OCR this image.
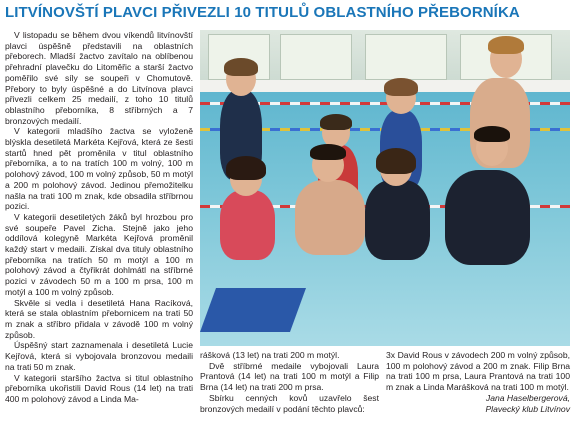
LITVÍNOVŠTÍ PLAVCI PŘIVEZLI 10 TITULŮ OBLASTNÍHO PŘEBORNÍKA

V listopadu se během dvou víkendů litvínovští plavci úspěšně představili na oblastních přeborech. Mladší žactvo zavítalo na oblíbenou přehradní plavečku do Litoměřic a starší žactvo poměřilo své síly se soupeři v Chomutově. Přebory to byly úspěšné a do Litvínova plavci přivezli celkem 25 medailí, z toho 10 titulů oblastního přeborníka, 8 stříbrných a 7 bronzových medailí.

V kategorii mladšího žactva se vyloženě blýskla desetiletá Markéta Kejřová, která ze šesti startů hned pět proměnila v titul oblastního přeborníka, a to na tratích 100 m volný, 100 m polohový závod, 100 m volný způsob, 50 m motýl a 200 m polohový závod. Jedinou přemožitelku našla na trati 100 m znak, kde obsadila stříbrnou pozici.

V kategorii desetiletých žáků byl hrozbou pro své soupeře Pavel Zicha. Stejně jako jeho oddílová kolegyně Markéta Kejřová proměnil každý start v medaili. Získal dva tituly oblastního přeborníka na tratích 50 m motýl a 100 m polohový závod a čtyřikrát dohlmátl na stříbrné pozici v závodech 50 m a 100 m prsa, 100 m motýl a 100 m volný způsob.

Skvěle si vedla i desetiletá Hana Racíková, která se stala oblastním přebornicem na trati 50 m znak a stříbro přidala v závodě 100 m volný způsob.

Úspěšný start zaznamenala i desetiletá Lucie Kejřová, která si vybojovala bronzovou medaili na trati 50 m znak.

V kategorii staršího žactva si titul oblastního přeborníka ukořistili David Rous (14 let) na trati 400 m polohový závod a Linda Ma-

rášková (13 let) na trati 200 m motýl.

Dvě stříbrné medaile vybojovali Laura Prantová (14 let) na trati 100 m motýl a Filip Brna (14 let) na trati 200 m prsa.

Sbírku cenných kovů uzavřelo šest bronzových medailí v podání těchto plavců:

3x David Rous v závodech 200 m volný způsob, 100 m polohový závod a 200 m znak. Filip Brna na trati 100 m prsa, Laura Prantová na trati 100 m znak a Linda Marášková na trati 100 m motýl.

Jana Haselbergerová,

Plavecký klub Litvínov
